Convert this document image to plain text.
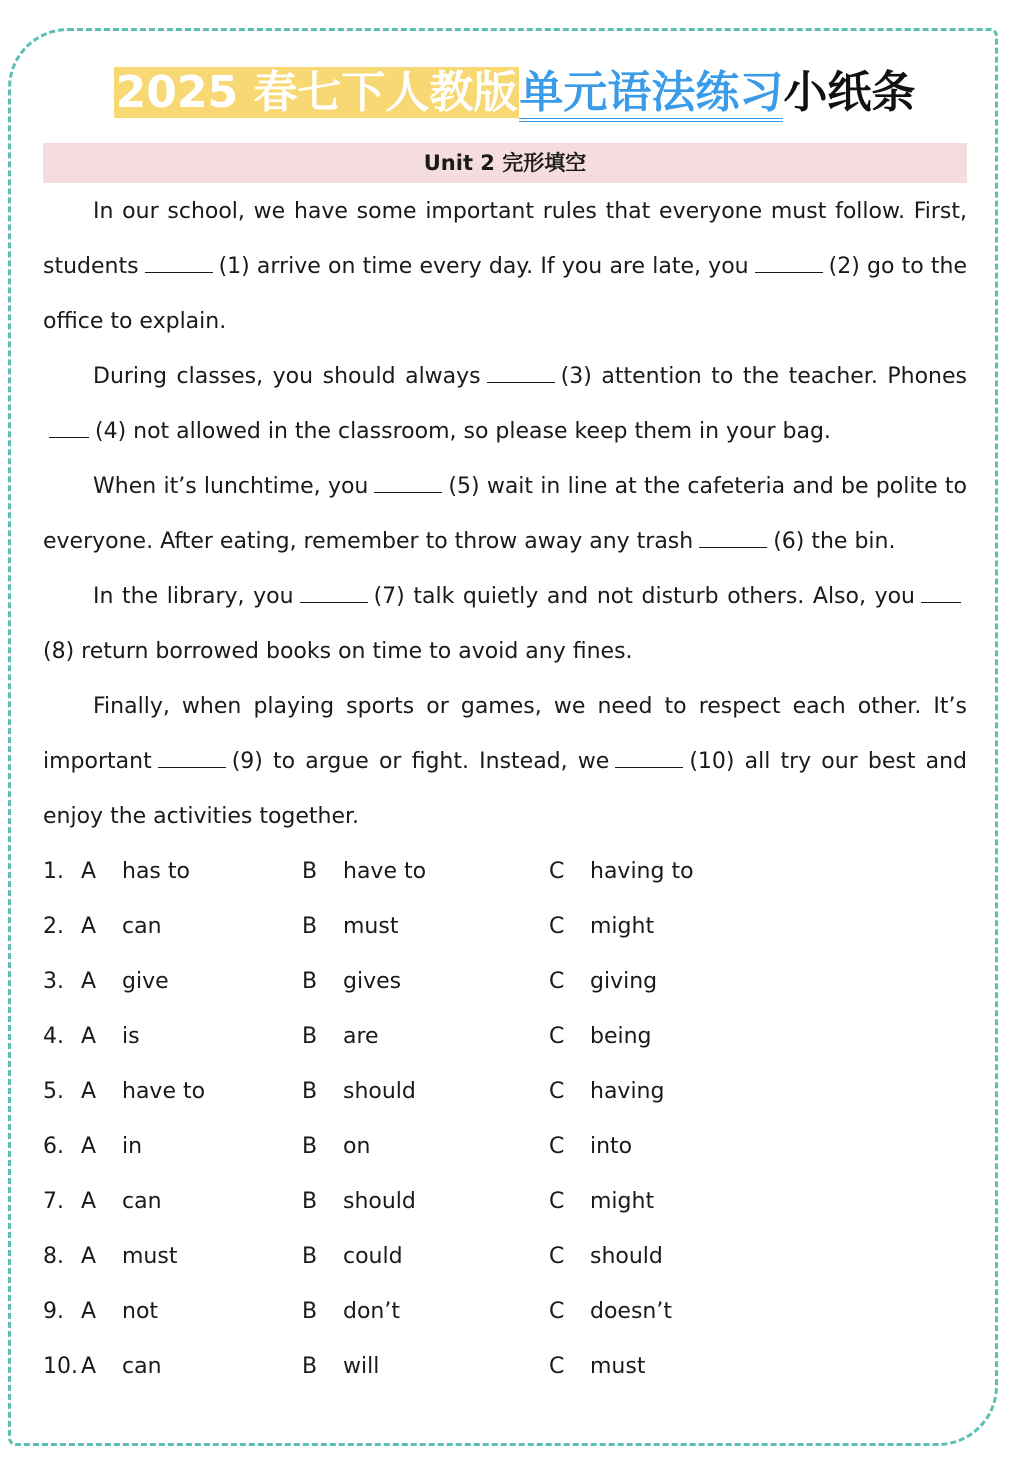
2025 春七下人教版单元语法练习小纸条
Unit 2 完形填空

In our school, we have some important rules that everyone must follow. First, students	(1) arrive on time every day. If you are late, you	(2) go to the office to explain.

During classes, you should always	(3) attention to the teacher. Phones(4) not allowed in the classroom, so please keep them in your bag.

When it’s lunchtime, you	(5) wait in line at the cafeteria and be polite to everyone. After eating, remember to throw away any trash	(6) the bin.

In the library, you	(7) talk quietly and not disturb others. Also, you(8) return borrowed books on time to avoid any fines.

Finally, when playing sports or games, we need to respect each other. It’s important	(9) to argue or fight. Instead, we	(10) all try our best and enjoy the activities together.

1. A has to	B have to	C having to
2. A can	B must	C might
3. A give	B gives	C giving
4. A is	B are	C being
5. A have to	B should	C having
6. A in	B on	C into
7. A can	B should	C might
8. A must	B could	C should
9. A not	B don’t	C doesn’t
10. A can	B will	C must
